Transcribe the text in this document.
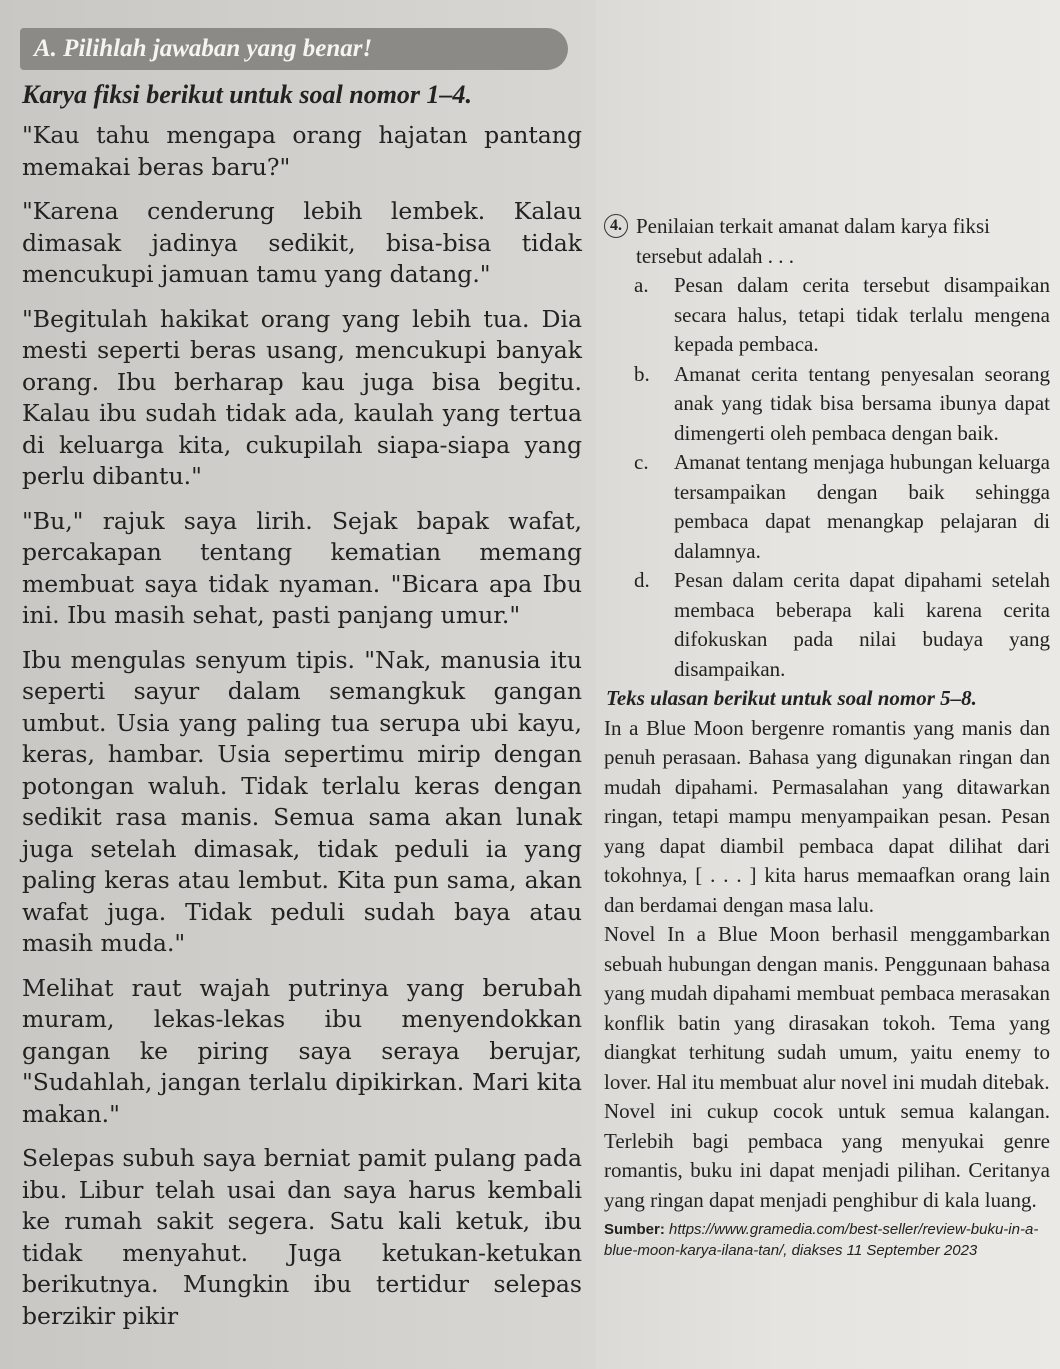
A. Pilihlah jawaban yang benar!
Karya fiksi berikut untuk soal nomor 1–4.

"Kau tahu mengapa orang hajatan pantang memakai beras baru?"

"Karena cenderung lebih lembek. Kalau dimasak jadinya sedikit, bisa-bisa tidak mencukupi jamuan tamu yang datang."

"Begitulah hakikat orang yang lebih tua. Dia mesti seperti beras usang, mencukupi banyak orang. Ibu berharap kau juga bisa begitu. Kalau ibu sudah tidak ada, kaulah yang tertua di keluarga kita, cukupilah siapa-siapa yang perlu dibantu."

"Bu," rajuk saya lirih. Sejak bapak wafat, percakapan tentang kematian memang membuat saya tidak nyaman. "Bicara apa Ibu ini. Ibu masih sehat, pasti panjang umur."

Ibu mengulas senyum tipis. "Nak, manusia itu seperti sayur dalam semangkuk gangan umbut. Usia yang paling tua serupa ubi kayu, keras, hambar. Usia sepertimu mirip dengan potongan waluh. Tidak terlalu keras dengan sedikit rasa manis. Semua sama akan lunak juga setelah dimasak, tidak peduli ia yang paling keras atau lembut. Kita pun sama, akan wafat juga. Tidak peduli sudah baya atau masih muda."

Melihat raut wajah putrinya yang berubah muram, lekas-lekas ibu menyendokkan gangan ke piring saya seraya berujar, "Sudahlah, jangan terlalu dipikirkan. Mari kita makan."

Selepas subuh saya berniat pamit pulang pada ibu. Libur telah usai dan saya harus kembali ke rumah sakit segera. Satu kali ketuk, ibu tidak menyahut. Juga ketukan-ketukan berikutnya. Mungkin ibu tertidur selepas berzikir pikir

4. Penilaian terkait amanat dalam karya fiksi tersebut adalah . . .
a.	Pesan dalam cerita tersebut disampaikan secara halus, tetapi tidak terlalu mengena kepada pembaca.
b.	Amanat cerita tentang penyesalan seorang anak yang tidak bisa bersama ibunya dapat dimengerti oleh pembaca dengan baik.
c.	Amanat tentang menjaga hubungan keluarga tersampaikan dengan baik sehingga pembaca dapat menangkap pelajaran di dalamnya.
d.	Pesan dalam cerita dapat dipahami setelah membaca beberapa kali karena cerita difokuskan pada nilai budaya yang disampaikan.

Teks ulasan berikut untuk soal nomor 5–8.

In a Blue Moon bergenre romantis yang manis dan penuh perasaan. Bahasa yang digunakan ringan dan mudah dipahami. Permasalahan yang ditawarkan ringan, tetapi mampu menyampaikan pesan. Pesan yang dapat diambil pembaca dapat dilihat dari tokohnya, [ . . . ] kita harus memaafkan orang lain dan berdamai dengan masa lalu.

Novel In a Blue Moon berhasil menggambarkan sebuah hubungan dengan manis. Penggunaan bahasa yang mudah dipahami membuat pembaca merasakan konflik batin yang dirasakan tokoh. Tema yang diangkat terhitung sudah umum, yaitu enemy to lover. Hal itu membuat alur novel ini mudah ditebak.

Novel ini cukup cocok untuk semua kalangan. Terlebih bagi pembaca yang menyukai genre romantis, buku ini dapat menjadi pilihan. Ceritanya yang ringan dapat menjadi penghibur di kala luang.

Sumber: https://www.gramedia.com/best-seller/review-buku-in-a-blue-moon-karya-ilana-tan/, diakses 11 September 2023
